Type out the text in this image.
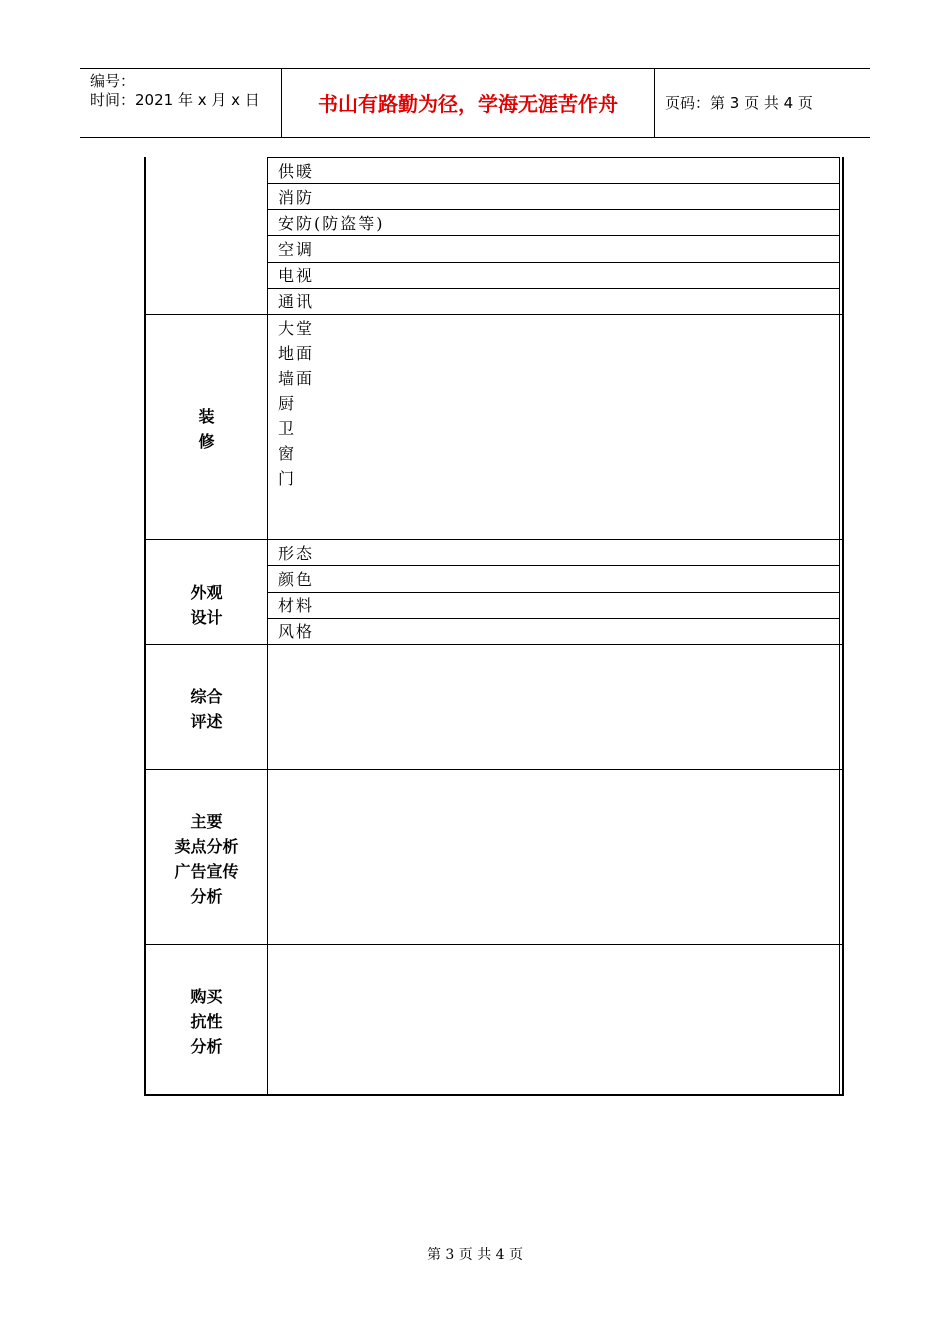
编号：
时间：2021 年 x 月 x 日	书山有路勤为径，学海无涯苦作舟	页码：第 3 页 共 4 页
供暖
消防
安防(防盗等)
空调
电视
通讯
装
修
大堂
地面
墙面
厨
卫
窗
门
外观
设计
形态
颜色
材料
风格
综合
评述
主要
卖点分析
广告宣传
分析
购买
抗性
分析
第 3 页 共 4 页
